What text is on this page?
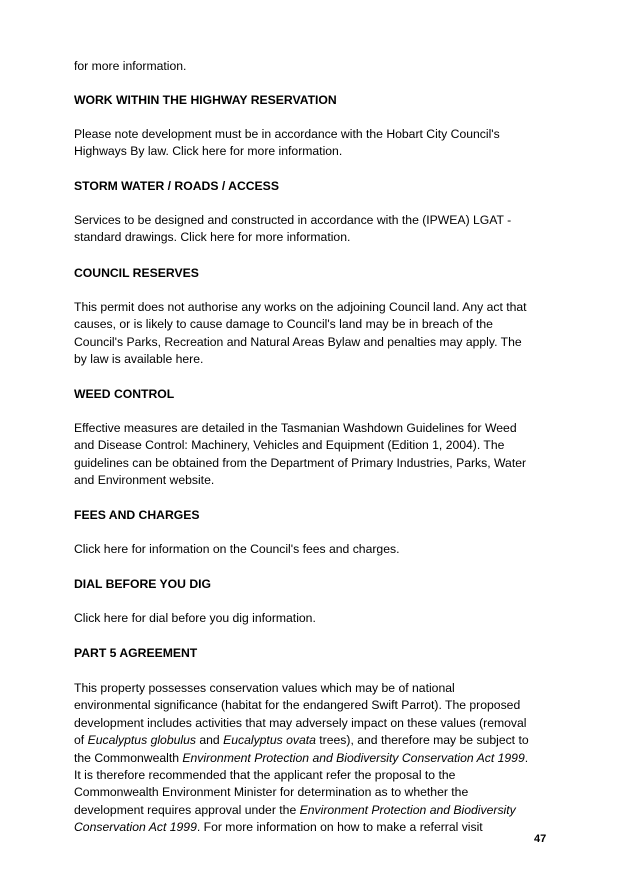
for more information.
WORK WITHIN THE HIGHWAY RESERVATION
Please note development must be in accordance with the Hobart City Council's
Highways By law. Click here for more information.
STORM WATER / ROADS / ACCESS
Services to be designed and constructed in accordance with the (IPWEA) LGAT -
standard drawings. Click here for more information.
COUNCIL RESERVES
This permit does not authorise any works on the adjoining Council land. Any act that
causes, or is likely to cause damage to Council's land may be in breach of the
Council's Parks, Recreation and Natural Areas Bylaw and penalties may apply. The
by law is available here.
WEED CONTROL
Effective measures are detailed in the Tasmanian Washdown Guidelines for Weed
and Disease Control: Machinery, Vehicles and Equipment (Edition 1, 2004). The
guidelines can be obtained from the Department of Primary Industries, Parks, Water
and Environment website.
FEES AND CHARGES
Click here for information on the Council's fees and charges.
DIAL BEFORE YOU DIG
Click here for dial before you dig information.
PART 5 AGREEMENT
This property possesses conservation values which may be of national
environmental significance (habitat for the endangered Swift Parrot). The proposed
development includes activities that may adversely impact on these values (removal
of Eucalyptus globulus and Eucalyptus ovata trees), and therefore may be subject to
the Commonwealth Environment Protection and Biodiversity Conservation Act 1999.
It is therefore recommended that the applicant refer the proposal to the
Commonwealth Environment Minister for determination as to whether the
development requires approval under the Environment Protection and Biodiversity
Conservation Act 1999. For more information on how to make a referral visit
47
